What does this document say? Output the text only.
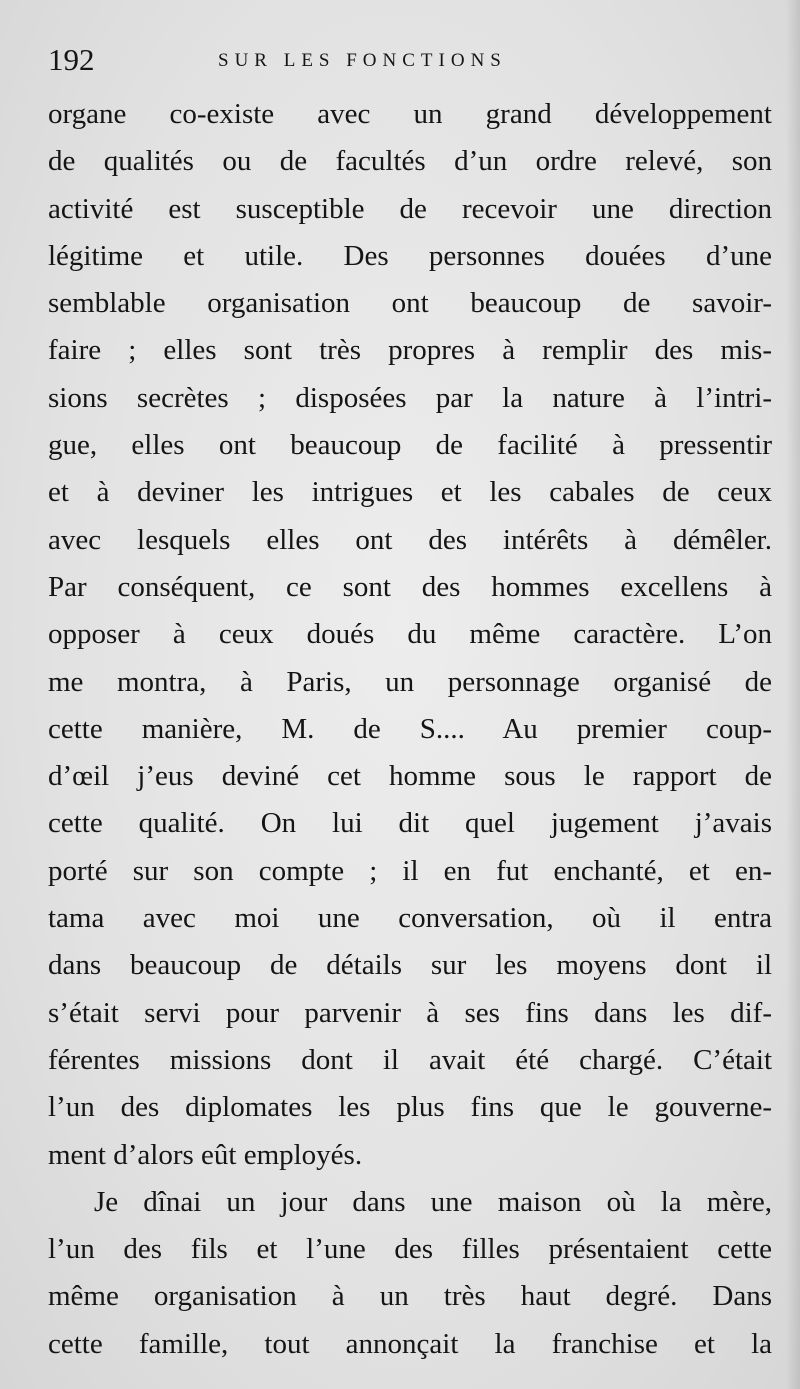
192	SUR LES FONCTIONS
organe co-existe avec un grand développement
de qualités ou de facultés d’un ordre relevé, son
activité est susceptible de recevoir une direction
légitime et utile. Des personnes douées d’une
semblable organisation ont beaucoup de savoir-
faire ; elles sont très propres à remplir des mis-
sions secrètes ; disposées par la nature à l’intri-
gue, elles ont beaucoup de facilité à pressentir
et à deviner les intrigues et les cabales de ceux
avec lesquels elles ont des intérêts à démêler.
Par conséquent, ce sont des hommes excellens à
opposer à ceux doués du même caractère. L’on
me montra, à Paris, un personnage organisé de
cette manière, M. de S.... Au premier coup-
d’œil j’eus deviné cet homme sous le rapport de
cette qualité. On lui dit quel jugement j’avais
porté sur son compte ; il en fut enchanté, et en-
tama avec moi une conversation, où il entra
dans beaucoup de détails sur les moyens dont il
s’était servi pour parvenir à ses fins dans les dif-
férentes missions dont il avait été chargé. C’était
l’un des diplomates les plus fins que le gouverne-
ment d’alors eût employés.
Je dînai un jour dans une maison où la mère,
l’un des fils et l’une des filles présentaient cette
même organisation à un très haut degré. Dans
cette famille, tout annonçait la franchise et la
